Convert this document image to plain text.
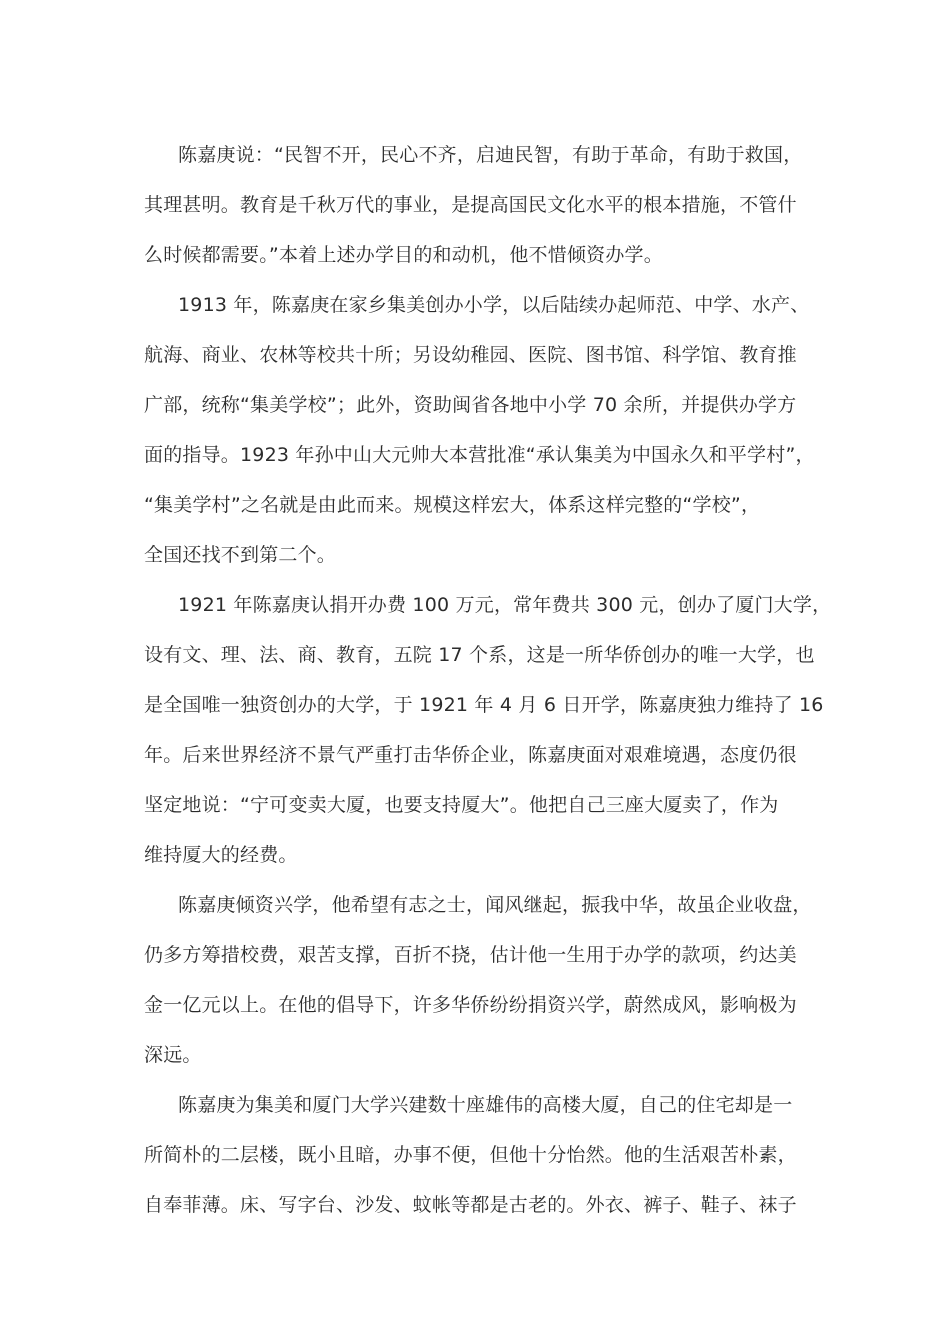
陈嘉庚说：“民智不开，民心不齐，启迪民智，有助于革命，有助于救国，
其理甚明。教育是千秋万代的事业，是提高国民文化水平的根本措施，不管什
么时候都需要。”本着上述办学目的和动机，他不惜倾资办学。
1913 年，陈嘉庚在家乡集美创办小学，以后陆续办起师范、中学、水产、
航海、商业、农林等校共十所；另设幼稚园、医院、图书馆、科学馆、教育推
广部，统称“集美学校”；此外，资助闽省各地中小学 70 余所，并提供办学方
面的指导。1923 年孙中山大元帅大本营批准“承认集美为中国永久和平学村”，
“集美学村”之名就是由此而来。规模这样宏大，体系这样完整的“学校”，
全国还找不到第二个。
1921 年陈嘉庚认捐开办费 100 万元，常年费共 300 元，创办了厦门大学，
设有文、理、法、商、教育，五院 17 个系，这是一所华侨创办的唯一大学，也
是全国唯一独资创办的大学，于 1921 年 4 月 6 日开学，陈嘉庚独力维持了 16
年。后来世界经济不景气严重打击华侨企业，陈嘉庚面对艰难境遇，态度仍很
坚定地说：“宁可变卖大厦，也要支持厦大”。他把自己三座大厦卖了，作为
维持厦大的经费。
陈嘉庚倾资兴学，他希望有志之士，闻风继起，振我中华，故虽企业收盘，
仍多方筹措校费，艰苦支撑，百折不挠，估计他一生用于办学的款项，约达美
金一亿元以上。在他的倡导下，许多华侨纷纷捐资兴学，蔚然成风，影响极为
深远。
陈嘉庚为集美和厦门大学兴建数十座雄伟的高楼大厦，自己的住宅却是一
所简朴的二层楼，既小且暗，办事不便，但他十分怡然。他的生活艰苦朴素，
自奉菲薄。床、写字台、沙发、蚊帐等都是古老的。外衣、裤子、鞋子、袜子
